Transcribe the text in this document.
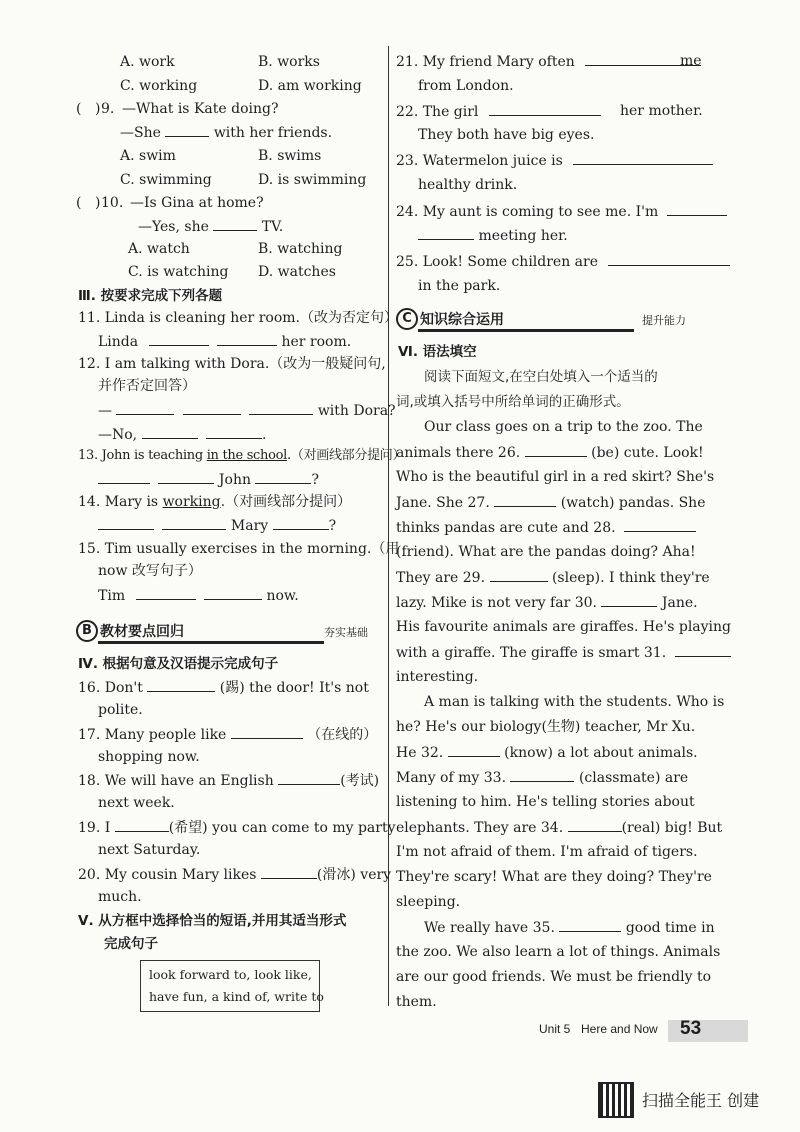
A. work	B. works
C. working	D. am working
( ) 9. —What is Kate doing?
—She	with her friends.
A. swim	B. swims
C. swimming	D. is swimming
( ) 10. —Is Gina at home?
—Yes, she	TV.
A. watch	B. watching
C. is watching D. watches
Ⅲ. 按要求完成下列各题
11. Linda is cleaning her room.（改为否定句）
Linda	her room.
12. I am talking with Dora.（改为一般疑问句,
并作否定回答）
—	with Dora?
—No,	.
13. John is teaching in the school.（对画线部分提问）
John	?
14. Mary is working.（对画线部分提问）
Mary	?
15. Tim usually exercises in the morning.（用
now 改写句子）
Tim	now.
B 教材要点回归	夯实基础
Ⅳ. 根据句意及汉语提示完成句子
16. Don't	(踢) the door! It's not
polite.
17. Many people like	（在线的）
shopping now.
18. We will have an English	(考试)
next week.
19. I	(希望) you can come to my party
next Saturday.
20. My cousin Mary likes	(滑冰) very
much.
Ⅴ. 从方框中选择恰当的短语,并用其适当形式
完成句子
look forward to, look like,
have fun, a kind of, write to
21. My friend Mary often	me
from London.
22. The girl	her mother.
They both have big eyes.
23. Watermelon juice is
healthy drink.
24. My aunt is coming to see me. I'm
meeting her.
25. Look! Some children are
in the park.
C 知识综合运用	提升能力
Ⅵ. 语法填空
阅读下面短文,在空白处填入一个适当的
词,或填入括号中所给单词的正确形式。
Our class goes on a trip to the zoo. The
animals there 26.	(be) cute. Look!
Who is the beautiful girl in a red skirt? She's
Jane. She 27.	(watch) pandas. She
thinks pandas are cute and 28.
(friend). What are the pandas doing? Aha!
They are 29.	(sleep). I think they're
lazy. Mike is not very far 30.	Jane.
His favourite animals are giraffes. He's playing
with a giraffe. The giraffe is smart 31.
interesting.
A man is talking with the students. Who is
he? He's our biology(生物) teacher, Mr Xu.
He 32.	(know) a lot about animals.
Many of my 33.	(classmate) are
listening to him. He's telling stories about
elephants. They are 34.	(real) big! But
I'm not afraid of them. I'm afraid of tigers.
They're scary! What are they doing? They're
sleeping.
We really have 35.	good time in
the zoo. We also learn a lot of things. Animals
are our good friends. We must be friendly to
them.
Unit 5 Here and Now 53
扫描全能王 创建
